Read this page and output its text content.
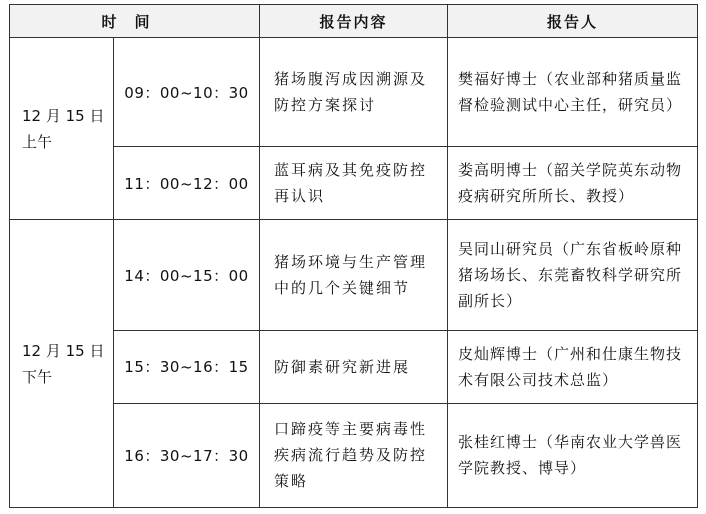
时间		报告内容	报告人

12 月 15 日
上午	09：00~10：30	猪场腹泻成因溯源及防控方案探讨	樊福好博士（农业部种猪质量监督检验测试中心主任，研究员）
	11：00~12：00	蓝耳病及其免疫防控再认识	娄高明博士（韶关学院英东动物疫病研究所所长、教授）

12 月 15 日
下午	14：00~15：00	猪场环境与生产管理中的几个关键细节	吴同山研究员（广东省板岭原种猪场场长、东莞畜牧科学研究所副所长）
	15：30~16：15	防御素研究新进展	皮灿辉博士（广州和仕康生物技术有限公司技术总监）
	16：30~17：30	口蹄疫等主要病毒性疾病流行趋势及防控策略	张桂红博士（华南农业大学兽医学院教授、博导）
